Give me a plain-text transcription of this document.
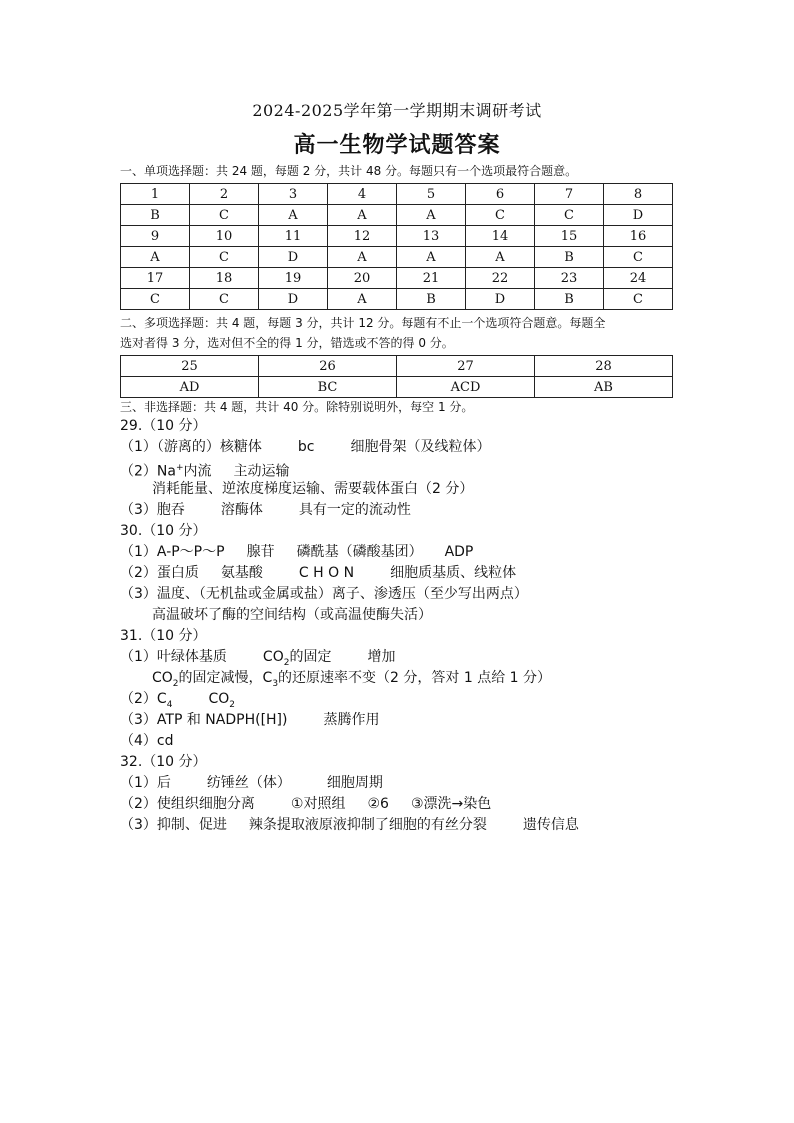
2024-2025学年第一学期期末调研考试
高一生物学试题答案
一、单项选择题：共 24 题，每题 2 分，共计 48 分。每题只有一个选项最符合题意。
1	2	3	4	5	6	7	8
B	C	A	A	A	C	C	D
9	10	11	12	13	14	15	16
A	C	D	A	A	A	B	C
17	18	19	20	21	22	23	24
C	C	D	A	B	D	B	C
二、多项选择题：共 4 题，每题 3 分，共计 12 分。每题有不止一个选项符合题意。每题全
选对者得 3 分，选对但不全的得 1 分，错选或不答的得 0 分。
25	26	27	28
AD	BC	ACD	AB
三、非选择题：共 4 题，共计 40 分。除特别说明外，每空 1 分。
29.（10 分）
（1）（游离的）核糖体	bc	细胞骨架（及线粒体）
（2）Na+内流 主动运输
消耗能量、逆浓度梯度运输、需要载体蛋白（2 分）
（3）胞吞	溶酶体	具有一定的流动性
30.（10 分）
（1）A-P～P～P 腺苷 磷酰基（磷酸基团） ADP
（2）蛋白质 氨基酸	C H O N	细胞质基质、线粒体
（3）温度、（无机盐或金属或盐）离子、渗透压（至少写出两点）
高温破坏了酶的空间结构（或高温使酶失活）
31.（10 分）
（1）叶绿体基质	$CO_2$的固定	增加
$CO_2$的固定减慢，$C_3$的还原速率不变（2 分，答对 1 点给 1 分）
$(2)C_4$	$CO_2$
（3）ATP 和 NADPH([H])	蒸腾作用
（4）cd
32.（10 分）
（1）后	纺锤丝（体）	细胞周期
（2）使组织细胞分离	①对照组 ②6 ③漂洗→染色
（3）抑制、促进 辣条提取液原液抑制了细胞的有丝分裂	遗传信息
